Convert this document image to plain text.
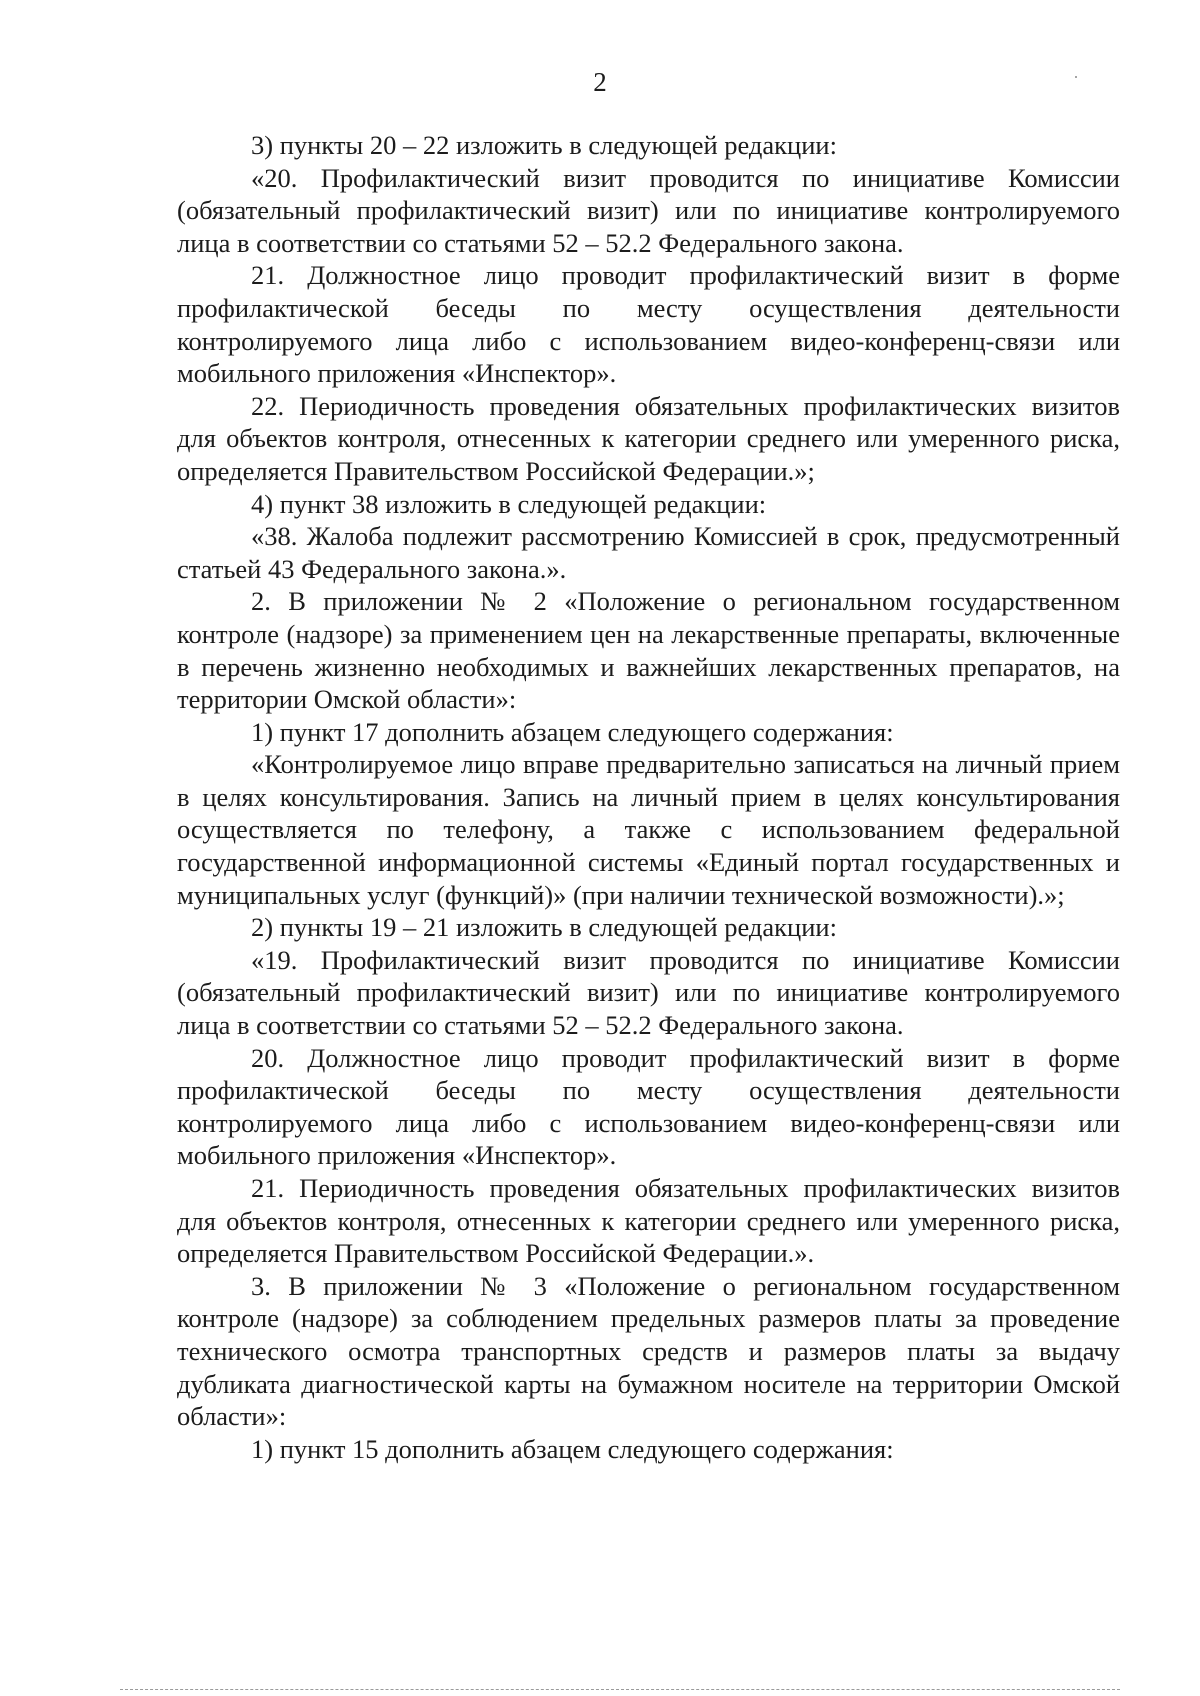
2

3) пункты 20 – 22 изложить в следующей редакции:

«20. Профилактический визит проводится по инициативе Комиссии (обязательный профилактический визит) или по инициативе контролируемого лица в соответствии со статьями 52 – 52.2 Федерального закона.

21. Должностное лицо проводит профилактический визит в форме профилактической беседы по месту осуществления деятельности контролируемого лица либо с использованием видео-конференц-связи или мобильного приложения «Инспектор».

22. Периодичность проведения обязательных профилактических визитов для объектов контроля, отнесенных к категории среднего или умеренного риска, определяется Правительством Российской Федерации.»;

4) пункт 38 изложить в следующей редакции:

«38. Жалоба подлежит рассмотрению Комиссией в срок, предусмотренный статьей 43 Федерального закона.».

2. В приложении № 2 «Положение о региональном государственном контроле (надзоре) за применением цен на лекарственные препараты, включенные в перечень жизненно необходимых и важнейших лекарственных препаратов, на территории Омской области»:

1) пункт 17 дополнить абзацем следующего содержания:

«Контролируемое лицо вправе предварительно записаться на личный прием в целях консультирования. Запись на личный прием в целях консультирования осуществляется по телефону, а также с использованием федеральной государственной информационной системы «Единый портал государственных и муниципальных услуг (функций)» (при наличии технической возможности).»;

2) пункты 19 – 21 изложить в следующей редакции:

«19. Профилактический визит проводится по инициативе Комиссии (обязательный профилактический визит) или по инициативе контролируемого лица в соответствии со статьями 52 – 52.2 Федерального закона.

20. Должностное лицо проводит профилактический визит в форме профилактической беседы по месту осуществления деятельности контролируемого лица либо с использованием видео-конференц-связи или мобильного приложения «Инспектор».

21. Периодичность проведения обязательных профилактических визитов для объектов контроля, отнесенных к категории среднего или умеренного риска, определяется Правительством Российской Федерации.».

3. В приложении № 3 «Положение о региональном государственном контроле (надзоре) за соблюдением предельных размеров платы за проведение технического осмотра транспортных средств и размеров платы за выдачу дубликата диагностической карты на бумажном носителе на территории Омской области»:

1) пункт 15 дополнить абзацем следующего содержания:
